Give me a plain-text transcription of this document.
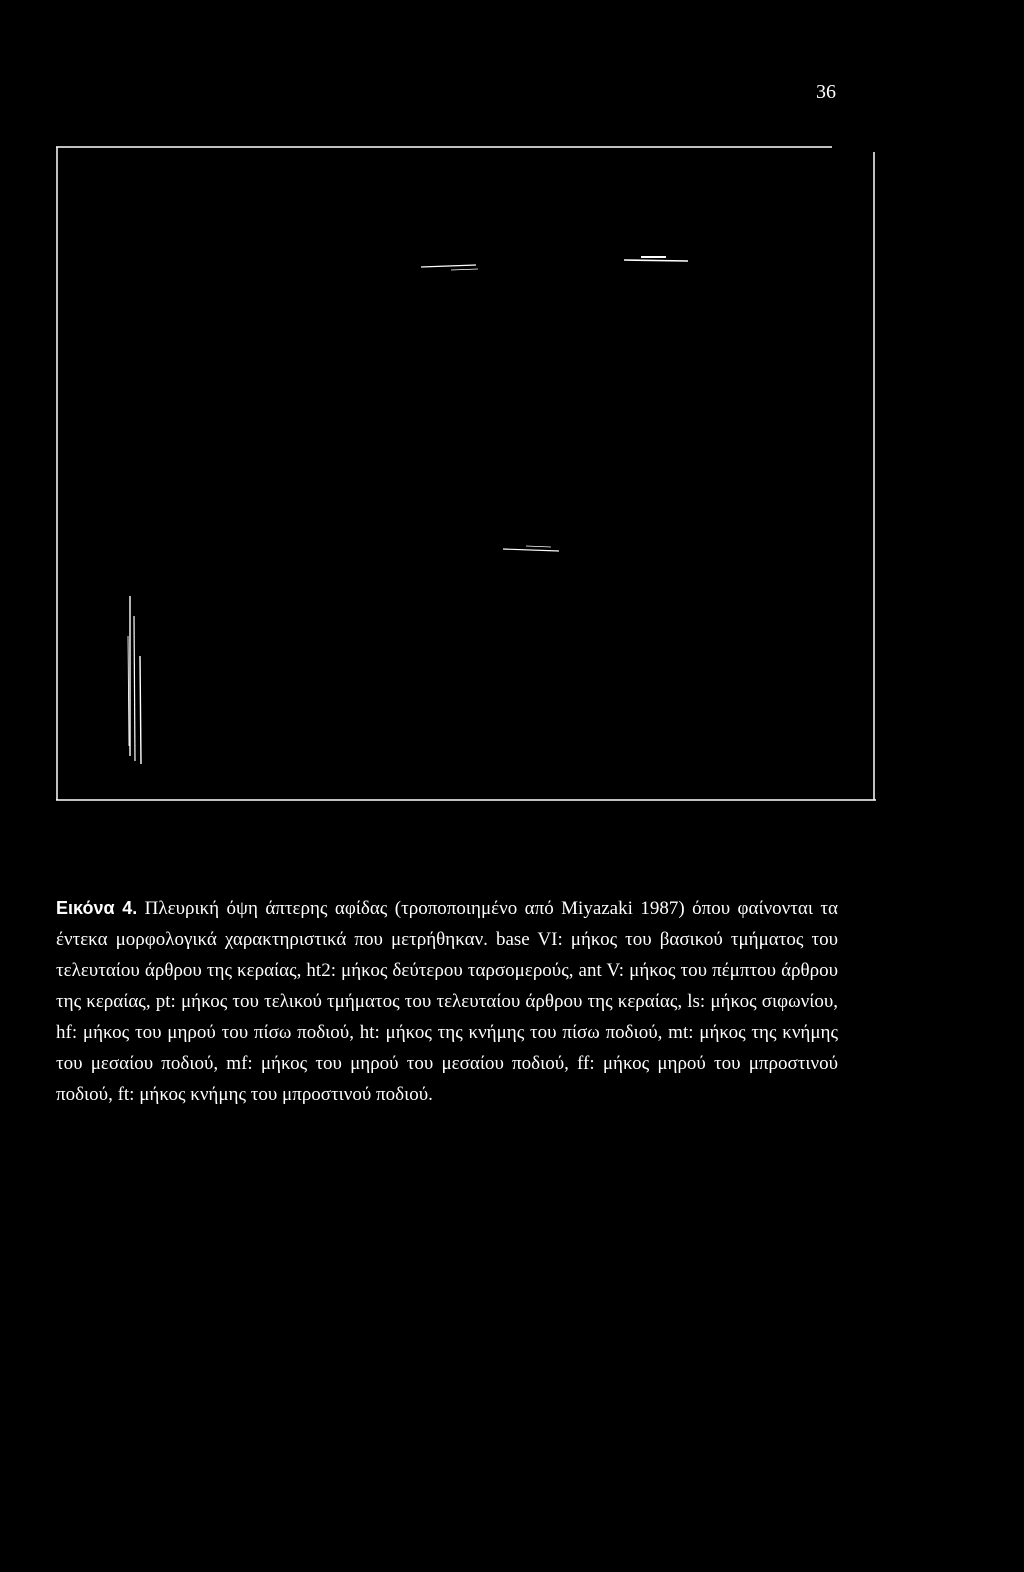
36

Εικόνα 4. Πλευρική όψη άπτερης αφίδας (τροποποιημένο από Miyazaki 1987) όπου φαίνονται τα έντεκα μορφολογικά χαρακτηριστικά που μετρήθηκαν. base VI: μήκος του βασικού τμήματος του τελευταίου άρθρου της κεραίας, ht2: μήκος δεύτερου ταρσομερούς, ant V: μήκος του πέμπτου άρθρου της κεραίας, pt: μήκος του τελικού τμήματος του τελευταίου άρθρου της κεραίας, ls: μήκος σιφωνίου, hf: μήκος του μηρού του πίσω ποδιού, ht: μήκος της κνήμης του πίσω ποδιού, mt: μήκος της κνήμης του μεσαίου ποδιού, mf: μήκος του μηρού του μεσαίου ποδιού, ff: μήκος μηρού του μπροστινού ποδιού, ft: μήκος κνήμης του μπροστινού ποδιού.
